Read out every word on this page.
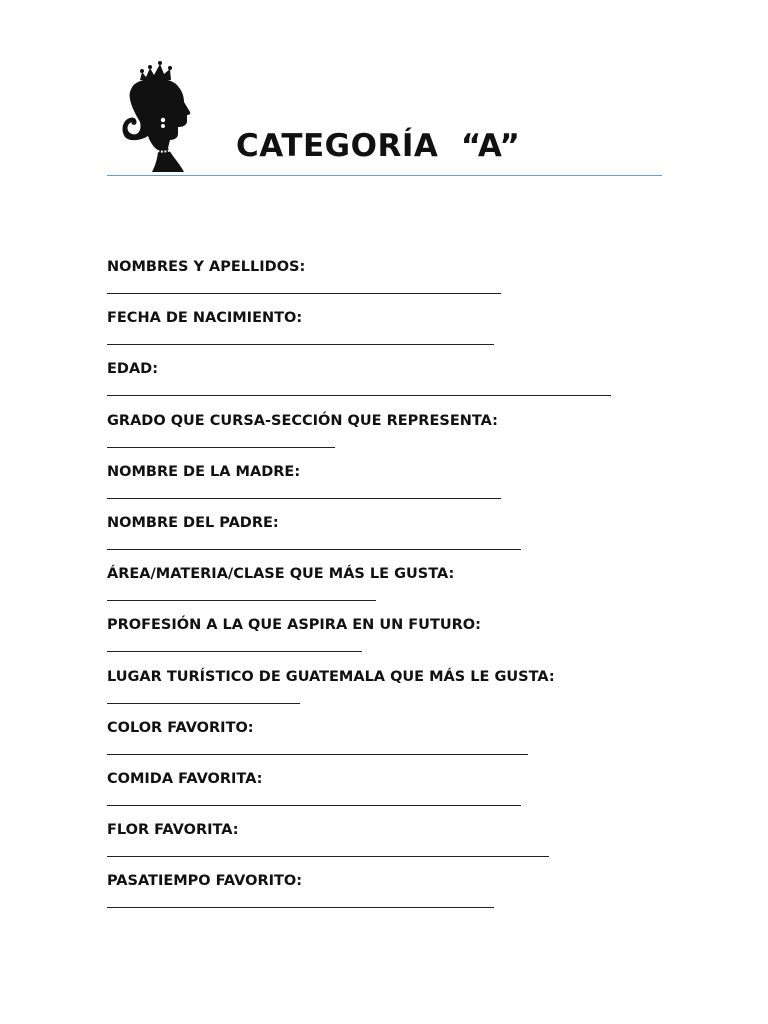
CATEGORÍA  “A”
NOMBRES Y APELLIDOS:
FECHA DE NACIMIENTO:
EDAD:
GRADO QUE CURSA-SECCIÓN QUE REPRESENTA:
NOMBRE DE LA MADRE:
NOMBRE DEL PADRE:
ÁREA/MATERIA/CLASE QUE MÁS LE GUSTA:
PROFESIÓN A LA QUE ASPIRA EN UN FUTURO:
LUGAR TURÍSTICO DE GUATEMALA QUE MÁS LE GUSTA:
COLOR FAVORITO:
COMIDA FAVORITA:
FLOR FAVORITA:
PASATIEMPO FAVORITO:
